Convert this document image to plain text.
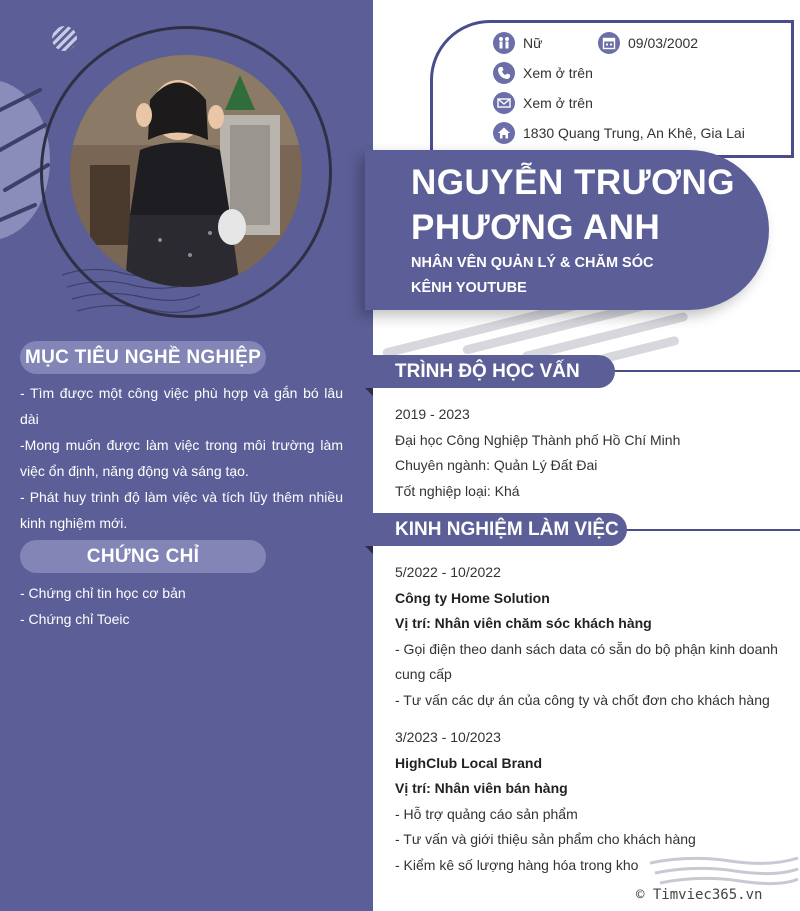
MỤC TIÊU NGHỀ NGHIỆP
- Tìm được một công việc phù hợp và gắn bó lâu dài
-Mong muốn được làm việc trong môi trường làm việc ổn định, năng động và sáng tạo.
- Phát huy trình độ làm việc và tích lũy thêm nhiều kinh nghiệm mới.
CHỨNG CHỈ
- Chứng chỉ tin học cơ bản
- Chứng chỉ Toeic
Nữ	09/03/2002
Xem ở trên
Xem ở trên
1830 Quang Trung, An Khê, Gia Lai
NGUYỄN TRƯƠNG
PHƯƠNG ANH
NHÂN VÊN QUẢN LÝ & CHĂM SÓC
KÊNH YOUTUBE
TRÌNH ĐỘ HỌC VẤN
2019 - 2023
Đại học Công Nghiệp Thành phố Hồ Chí Minh
Chuyên ngành: Quản Lý Đất Đai
Tốt nghiệp loại: Khá
KINH NGHIỆM LÀM VIỆC
5/2022 - 10/2022
Công ty Home Solution
Vị trí: Nhân viên chăm sóc khách hàng
- Gọi điện theo danh sách data có sẵn do bộ phận kinh doanh cung cấp
- Tư vấn các dự án của công ty và chốt đơn cho khách hàng
3/2023 - 10/2023
HighClub Local Brand
Vị trí: Nhân viên bán hàng
- Hỗ trợ quảng cáo sản phẩm
- Tư vấn và giới thiệu sản phẩm cho khách hàng
- Kiểm kê số lượng hàng hóa trong kho
© Timviec365.vn
